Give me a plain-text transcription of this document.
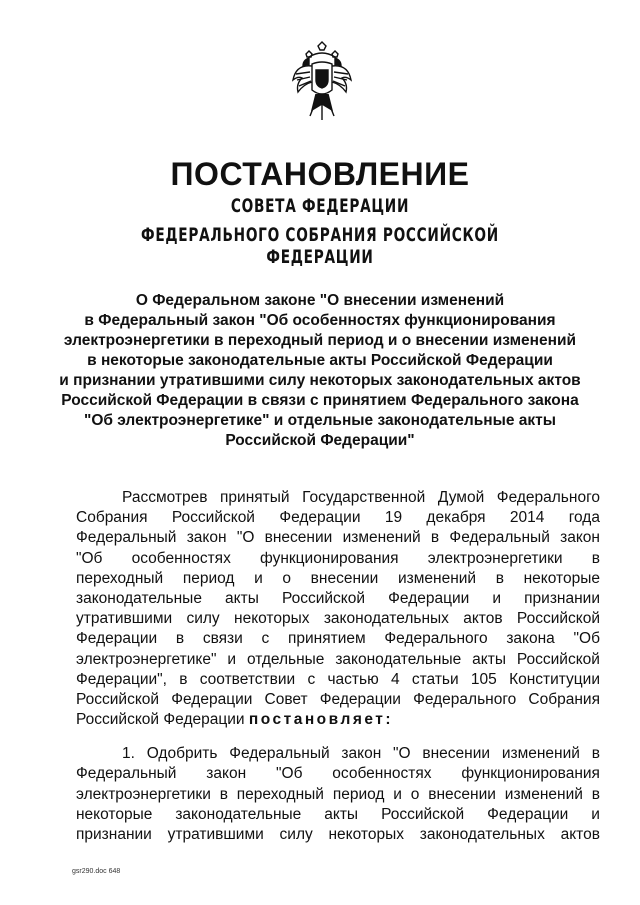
ПОСТАНОВЛЕНИЕ
СОВЕТА ФЕДЕРАЦИИ
ФЕДЕРАЛЬНОГО СОБРАНИЯ РОССИЙСКОЙ ФЕДЕРАЦИИ
О Федеральном законе "О внесении изменений
в Федеральный закон "Об особенностях функционирования
электроэнергетики в переходный период и о внесении изменений
в некоторые законодательные акты Российской Федерации
и признании утратившими силу некоторых законодательных актов
Российской Федерации в связи с принятием Федерального закона
"Об электроэнергетике" и отдельные законодательные акты
Российской Федерации"
Рассмотрев принятый Государственной Думой Федерального
Собрания Российской Федерации 19 декабря 2014 года
Федеральный закон "О внесении изменений в Федеральный закон
"Об особенностях функционирования электроэнергетики в
переходный период и о внесении изменений в некоторые
законодательные акты Российской Федерации и признании
утратившими силу некоторых законодательных актов Российской
Федерации в связи с принятием Федерального закона "Об
электроэнергетике" и отдельные законодательные акты Российской
Федерации", в соответствии с частью 4 статьи 105 Конституции
Российской Федерации Совет Федерации Федерального Собрания
Российской Федерации постановляет:
1. Одобрить Федеральный закон "О внесении изменений в
Федеральный закон "Об особенностях функционирования
электроэнергетики в переходный период и о внесении изменений в
некоторые законодательные акты Российской Федерации и
признании утратившими силу некоторых законодательных актов
gsr290.doc 648
